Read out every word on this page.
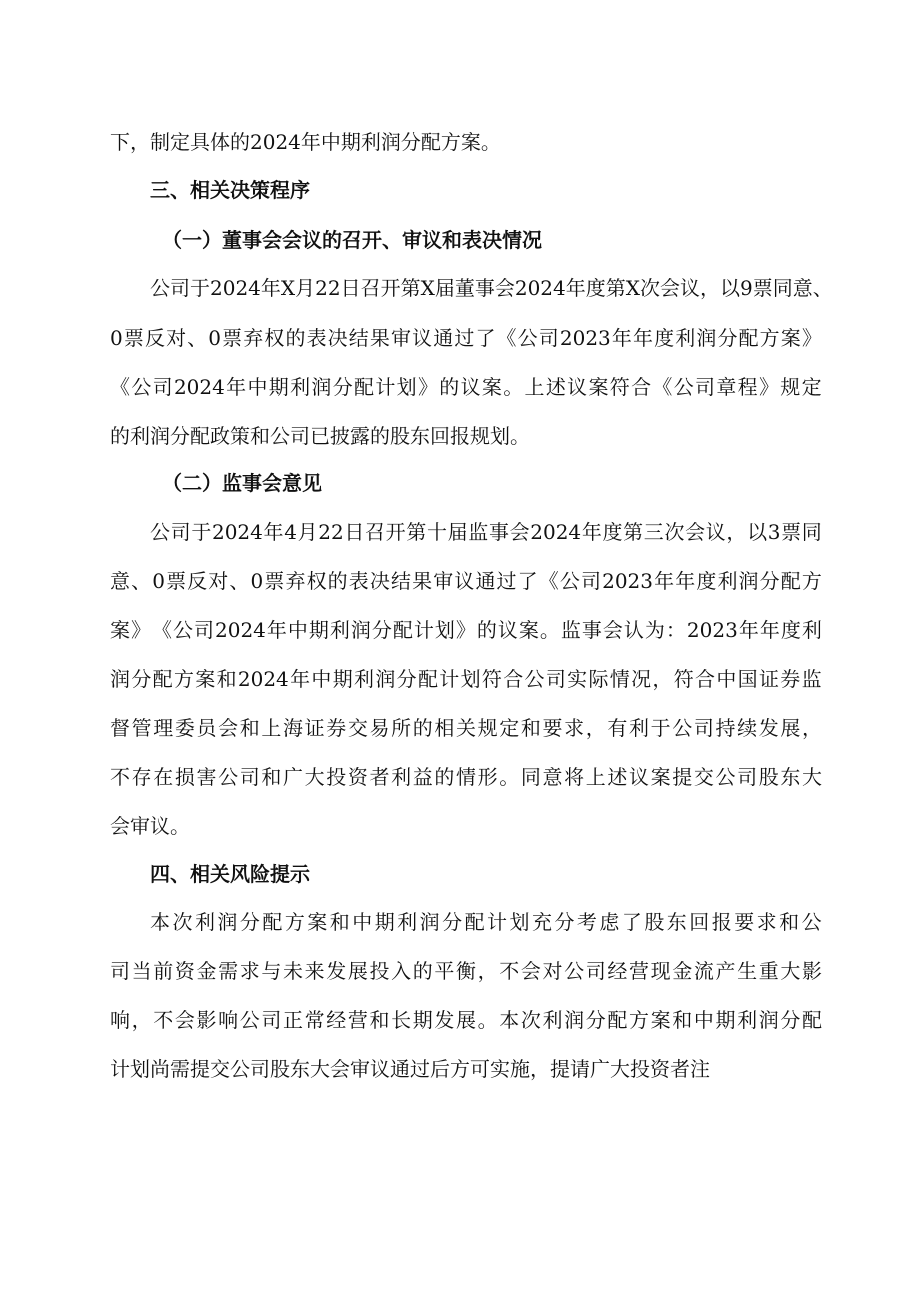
下，制定具体的2024年中期利润分配方案。
三、相关决策程序
（一）董事会会议的召开、审议和表决情况
公 司 于 2024 年 X 月 22 日 召 开 第 X 届 董 事 会 2024 年 度 第 X 次 会 议 ， 以 9 票 同 意 、
0 票 反 对 、 0 票 弃 权 的 表 决 结 果 审 议 通 过 了 《 公 司 2023 年 年 度 利 润 分 配 方 案 》
《 公 司 2024 年 中 期 利 润 分 配 计 划 》 的 议 案 。 上 述 议 案 符 合 《 公 司 章 程 》 规 定
的利润分配政策和公司已披露的股东回报规划。
（二）监事会意见
公 司 于 2024 年 4 月 22 日 召 开 第 十 届 监 事 会 2024 年 度 第 三 次 会 议 ， 以 3 票 同
意 、 0 票 反 对 、 0 票 弃 权 的 表 决 结 果 审 议 通 过 了 《 公 司 2023 年 年 度 利 润 分 配 方
案 》 《 公 司 2024 年 中 期 利 润 分 配 计 划 》 的 议 案 。 监 事 会 认 为 ： 2023 年 年 度 利
润 分 配 方 案 和 2024 年 中 期 利 润 分 配 计 划 符 合 公 司 实 际 情 况 ， 符 合 中 国 证 券 监
督 管 理 委 员 会 和 上 海 证 券 交 易 所 的 相 关 规 定 和 要 求 ， 有 利 于 公 司 持 续 发 展 ，
不 存 在 损 害 公 司 和 广 大 投 资 者 利 益 的 情 形 。 同 意 将 上 述 议 案 提 交 公 司 股 东 大
会审议。
四、相关风险提示
本 次 利 润 分 配 方 案 和 中 期 利 润 分 配 计 划 充 分 考 虑 了 股 东 回 报 要 求 和 公
司 当 前 资 金 需 求 与 未 来 发 展 投 入 的 平 衡 ， 不 会 对 公 司 经 营 现 金 流 产 生 重 大 影
响 ， 不 会 影 响 公 司 正 常 经 营 和 长 期 发 展 。 本 次 利 润 分 配 方 案 和 中 期 利 润 分 配
计划尚需提交公司股东大会审议通过后方可实施，提请广大投资者注
